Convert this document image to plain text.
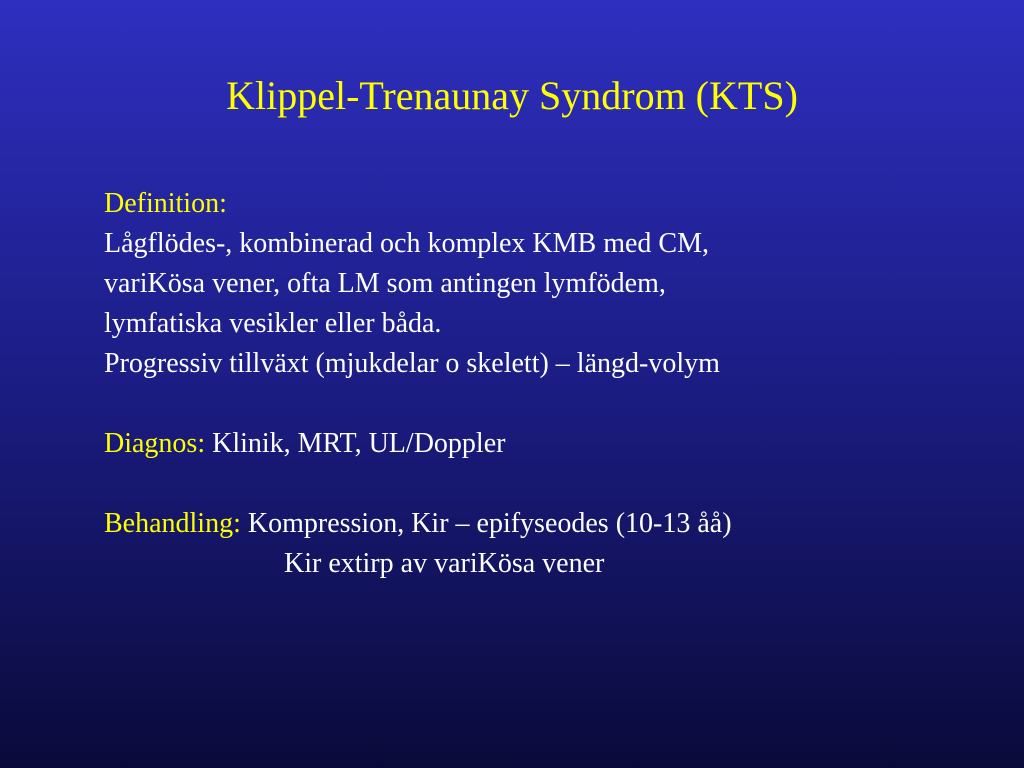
Klippel-Trenaunay Syndrom (KTS)
Definition:
Lågflödes-, kombinerad och komplex KMB med CM,
variKösa vener, ofta LM som antingen lymfödem,
lymfatiska vesikler eller båda.
Progressiv tillväxt (mjukdelar o skelett) – längd-volym
Diagnos: Klinik, MRT, UL/Doppler
Behandling: Kompression, Kir – epifyseodes (10-13 åå)
Kir extirp av variKösa vener
